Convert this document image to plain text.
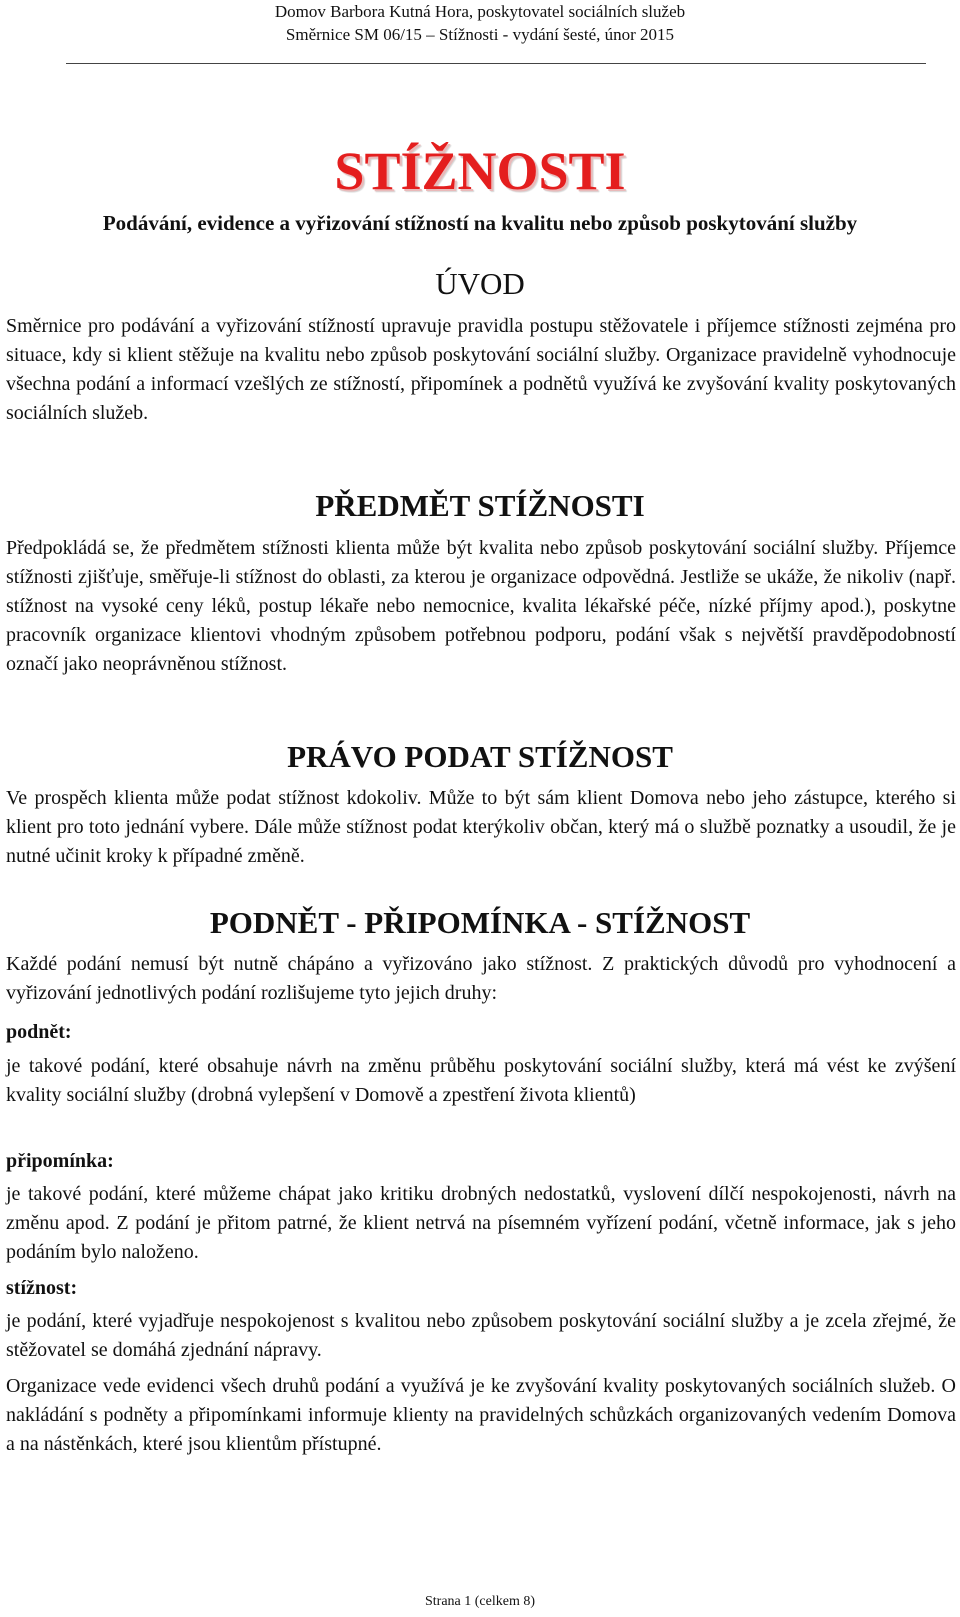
Domov Barbora Kutná Hora, poskytovatel sociálních služeb
Směrnice SM 06/15 – Stížnosti - vydání šesté, únor 2015
STÍŽNOSTI
Podávání, evidence a vyřizování stížností na kvalitu nebo způsob poskytování služby
ÚVOD
Směrnice pro podávání a vyřizování stížností upravuje pravidla postupu stěžovatele i příjemce stížnosti zejména pro situace, kdy si klient stěžuje na kvalitu nebo způsob poskytování sociální služby. Organizace pravidelně vyhodnocuje všechna podání a informací vzešlých ze stížností, připomínek a podnětů využívá ke zvyšování kvality poskytovaných sociálních služeb.
PŘEDMĚT STÍŽNOSTI
Předpokládá se, že předmětem stížnosti klienta může být kvalita nebo způsob poskytování sociální služby. Příjemce stížnosti zjišťuje, směřuje-li stížnost do oblasti, za kterou je organizace odpovědná. Jestliže se ukáže, že nikoliv (např. stížnost na vysoké ceny léků, postup lékaře nebo nemocnice, kvalita lékařské péče, nízké příjmy apod.), poskytne pracovník organizace klientovi vhodným způsobem potřebnou podporu, podání však s největší pravděpodobností označí jako neoprávněnou stížnost.
PRÁVO PODAT STÍŽNOST
Ve prospěch klienta může podat stížnost kdokoliv. Může to být sám klient Domova nebo jeho zástupce, kterého si klient pro toto jednání vybere. Dále může stížnost podat kterýkoliv občan, který má o službě poznatky a usoudil, že je nutné učinit kroky k případné změně.
PODNĚT - PŘIPOMÍNKA - STÍŽNOST
Každé podání nemusí být nutně chápáno a vyřizováno jako stížnost. Z praktických důvodů pro vyhodnocení a vyřizování jednotlivých podání rozlišujeme tyto jejich druhy:
podnět:
je takové podání, které obsahuje návrh na změnu průběhu poskytování sociální služby, která má vést ke zvýšení kvality sociální služby (drobná vylepšení v Domově a zpestření života klientů)
připomínka:
je takové podání, které můžeme chápat jako kritiku drobných nedostatků, vyslovení dílčí nespokojenosti, návrh na změnu apod. Z podání je přitom patrné, že klient netrvá na písemném vyřízení podání, včetně informace, jak s jeho podáním bylo naloženo.
stížnost:
je podání, které vyjadřuje nespokojenost s kvalitou nebo způsobem poskytování sociální služby a je zcela zřejmé, že stěžovatel se domáhá zjednání nápravy.
Organizace vede evidenci všech druhů podání a využívá je ke zvyšování kvality poskytovaných sociálních služeb. O nakládání s podněty a připomínkami informuje klienty na pravidelných schůzkách organizovaných vedením Domova a na nástěnkách, které jsou klientům přístupné.
Strana 1 (celkem 8)
